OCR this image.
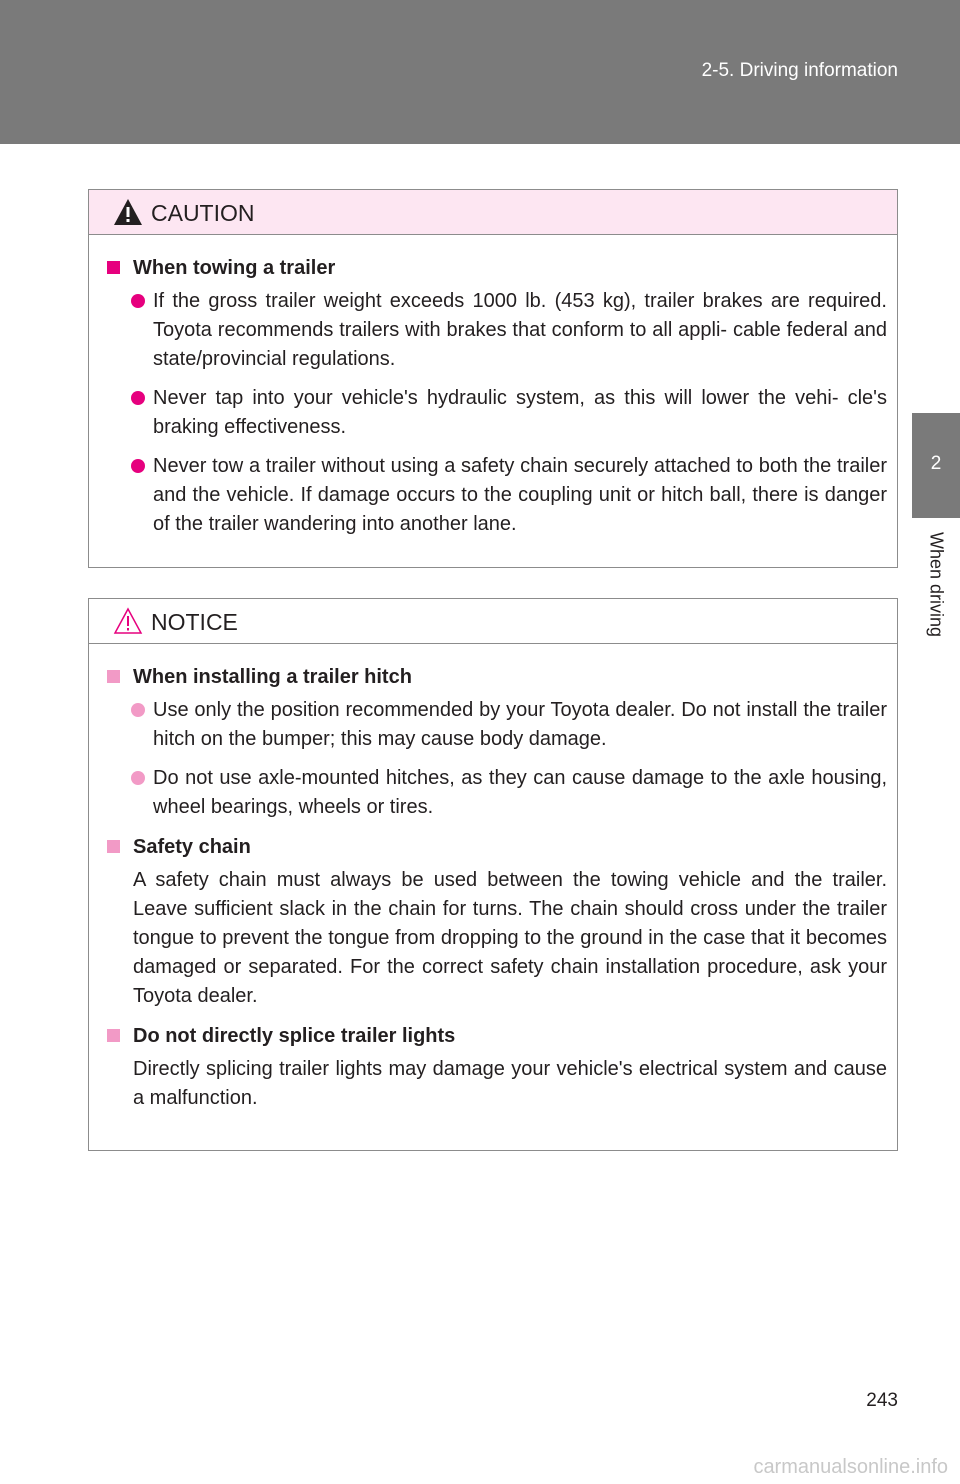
2-5. Driving information
2
When driving
CAUTION
When towing a trailer
If the gross trailer weight exceeds 1000 lb. (453 kg), trailer brakes are required. Toyota recommends trailers with brakes that conform to all appli- cable federal and state/provincial regulations.
Never tap into your vehicle's hydraulic system, as this will lower the vehi- cle's braking effectiveness.
Never tow a trailer without using a safety chain securely attached to both the trailer and the vehicle. If damage occurs to the coupling unit or hitch ball, there is danger of the trailer wandering into another lane.
NOTICE
When installing a trailer hitch
Use only the position recommended by your Toyota dealer. Do not install the trailer hitch on the bumper; this may cause body damage.
Do not use axle-mounted hitches, as they can cause damage to the axle housing, wheel bearings, wheels or tires.
Safety chain
A safety chain must always be used between the towing vehicle and the trailer. Leave sufficient slack in the chain for turns. The chain should cross under the trailer tongue to prevent the tongue from dropping to the ground in the case that it becomes damaged or separated. For the correct safety chain installation procedure, ask your Toyota dealer.
Do not directly splice trailer lights
Directly splicing trailer lights may damage your vehicle's electrical system and cause a malfunction.
243
carmanualsonline.info
